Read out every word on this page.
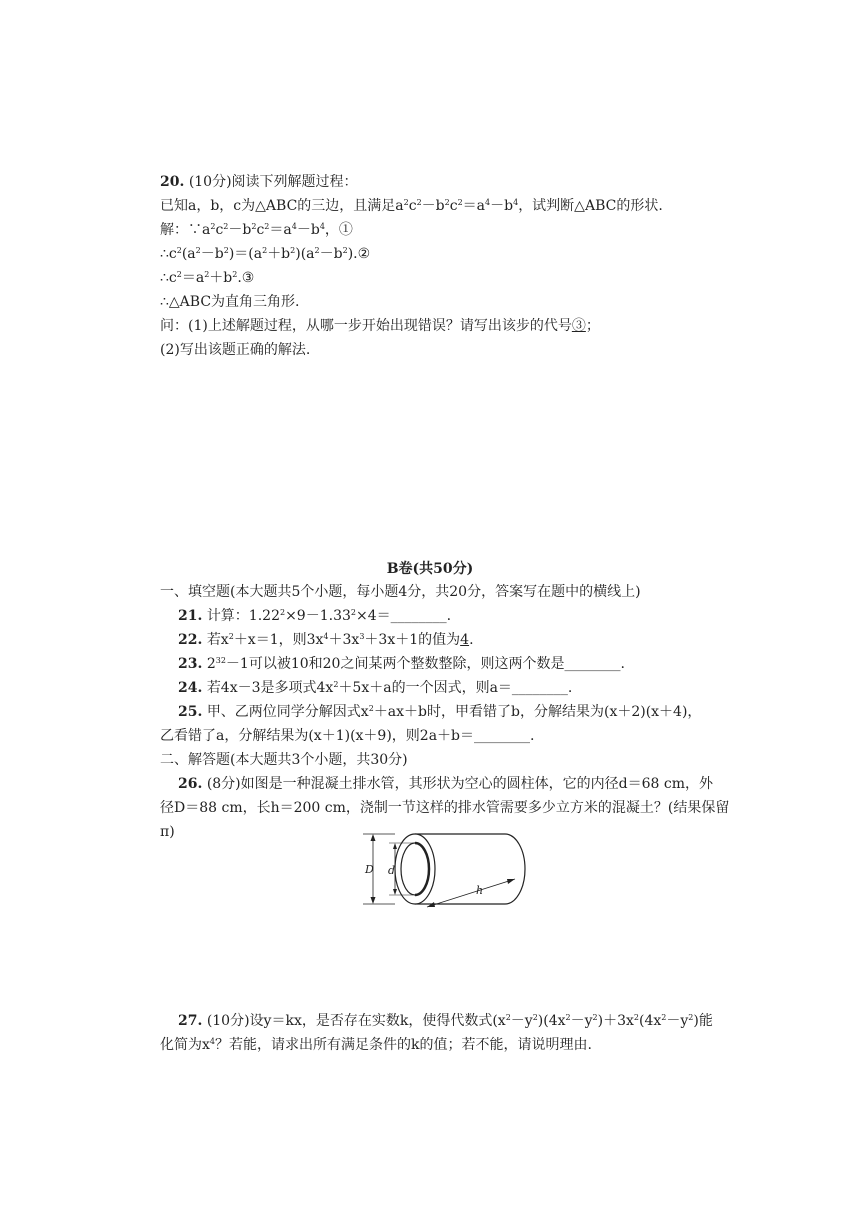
20. (10分)阅读下列解题过程：
已知a，b，c为△ABC的三边，且满足$a^2c^2-b^2c^2=a^4-b^4$，试判断△ABC的形状.
解：$\because a^2c^2-b^2c^2=a^4-b^4$，①
$\therefore c^2(a^2-b^2)=(a^2+b^2)(a^2-b^2).②$
$\therefore c^2=a^2+b^2.③$
∴△ABC为直角三角形.
问：(1)上述解题过程，从哪一步开始出现错误？请写出该步的代号③；
(2)写出该题正确的解法.
B卷(共50分)
一、填空题(本大题共5个小题，每小题4分，共20分，答案写在题中的横线上)
21. 计算：$1.22^2\times 9-1.33^2\times 4=\_\_\_\_\_\_\_\_$.
22. 若$x^2+x=1$，则$3x^4+3x^3+3x+1$的值为4.
23. $2^{32}-1$可以被10和20之间某两个整数整除，则这两个数是________.
24. 若4x－3是多项式$4x^2+5x+a$的一个因式，则a＝________.
25. 甲、乙两位同学分解因式$x^2+ax+b$时，甲看错了b，分解结果为(x＋2)(x＋4)，
乙看错了a，分解结果为(x＋1)(x＋9)，则2a＋b＝________.
二、解答题(本大题共3个小题，共30分)
26. (8分)如图是一种混凝土排水管，其形状为空心的圆柱体，它的内径d＝68 cm，外
径D＝88 cm，长h＝200 cm，浇制一节这样的排水管需要多少立方米的混凝土？(结果保留
π)
D d
h
27. (10分)设y＝kx，是否存在实数k，使得代数式$(x^2-y^2)(4x^2-y^2)+3x^2(4x^2-y^2)$能
化简为$x^4$？若能，请求出所有满足条件的k的值；若不能，请说明理由.
